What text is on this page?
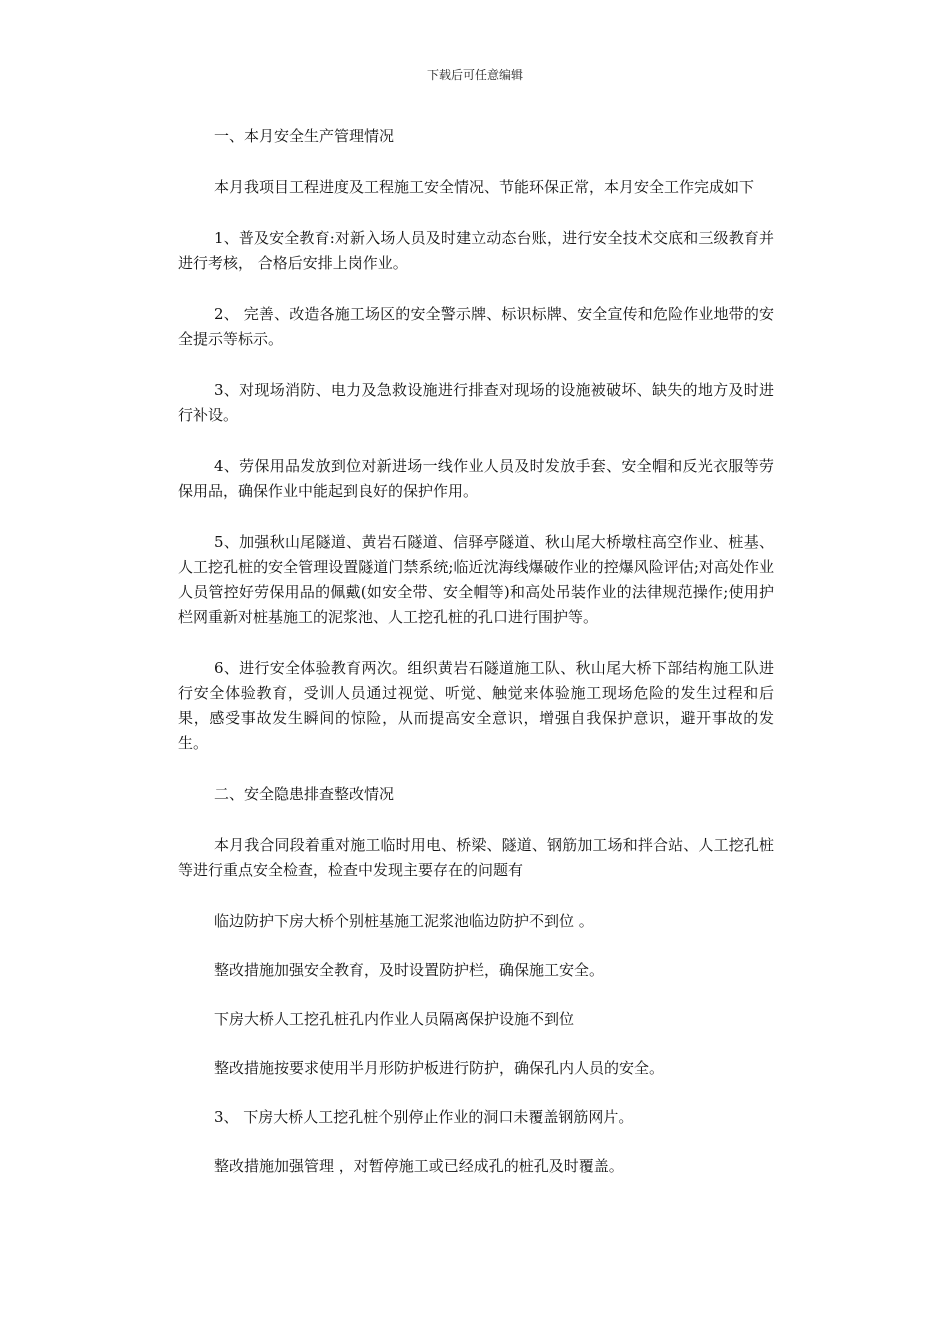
下载后可任意编辑

一、本月安全生产管理情况

本月我项目工程进度及工程施工安全情况、节能环保正常，本月安全工作完成如下

1、普及安全教育:对新入场人员及时建立动态台账，进行安全技术交底和三级教育并进行考核， 合格后安排上岗作业。

2、 完善、改造各施工场区的安全警示牌、标识标牌、安全宣传和危险作业地带的安全提示等标示。

3、对现场消防、电力及急救设施进行排查对现场的设施被破坏、缺失的地方及时进行补设。

4、劳保用品发放到位对新进场一线作业人员及时发放手套、安全帽和反光衣服等劳保用品，确保作业中能起到良好的保护作用。

5、加强秋山尾隧道、黄岩石隧道、信驿亭隧道、秋山尾大桥墩柱高空作业、桩基、人工挖孔桩的安全管理设置隧道门禁系统;临近沈海线爆破作业的控爆风险评估;对高处作业人员管控好劳保用品的佩戴(如安全带、安全帽等)和高处吊装作业的法律规范操作;使用护栏网重新对桩基施工的泥浆池、人工挖孔桩的孔口进行围护等。

6、进行安全体验教育两次。组织黄岩石隧道施工队、秋山尾大桥下部结构施工队进行安全体验教育，受训人员通过视觉、听觉、触觉来体验施工现场危险的发生过程和后果，感受事故发生瞬间的惊险，从而提高安全意识，增强自我保护意识，避开事故的发生。

二、安全隐患排查整改情况

本月我合同段着重对施工临时用电、桥梁、隧道、钢筋加工场和拌合站、人工挖孔桩等进行重点安全检查，检查中发现主要存在的问题有

临边防护下房大桥个别桩基施工泥浆池临边防护不到位 。

整改措施加强安全教育，及时设置防护栏，确保施工安全。

下房大桥人工挖孔桩孔内作业人员隔离保护设施不到位

整改措施按要求使用半月形防护板进行防护，确保孔内人员的安全。

3、 下房大桥人工挖孔桩个别停止作业的洞口未覆盖钢筋网片。

整改措施加强管理 ，对暂停施工或已经成孔的桩孔及时覆盖。
